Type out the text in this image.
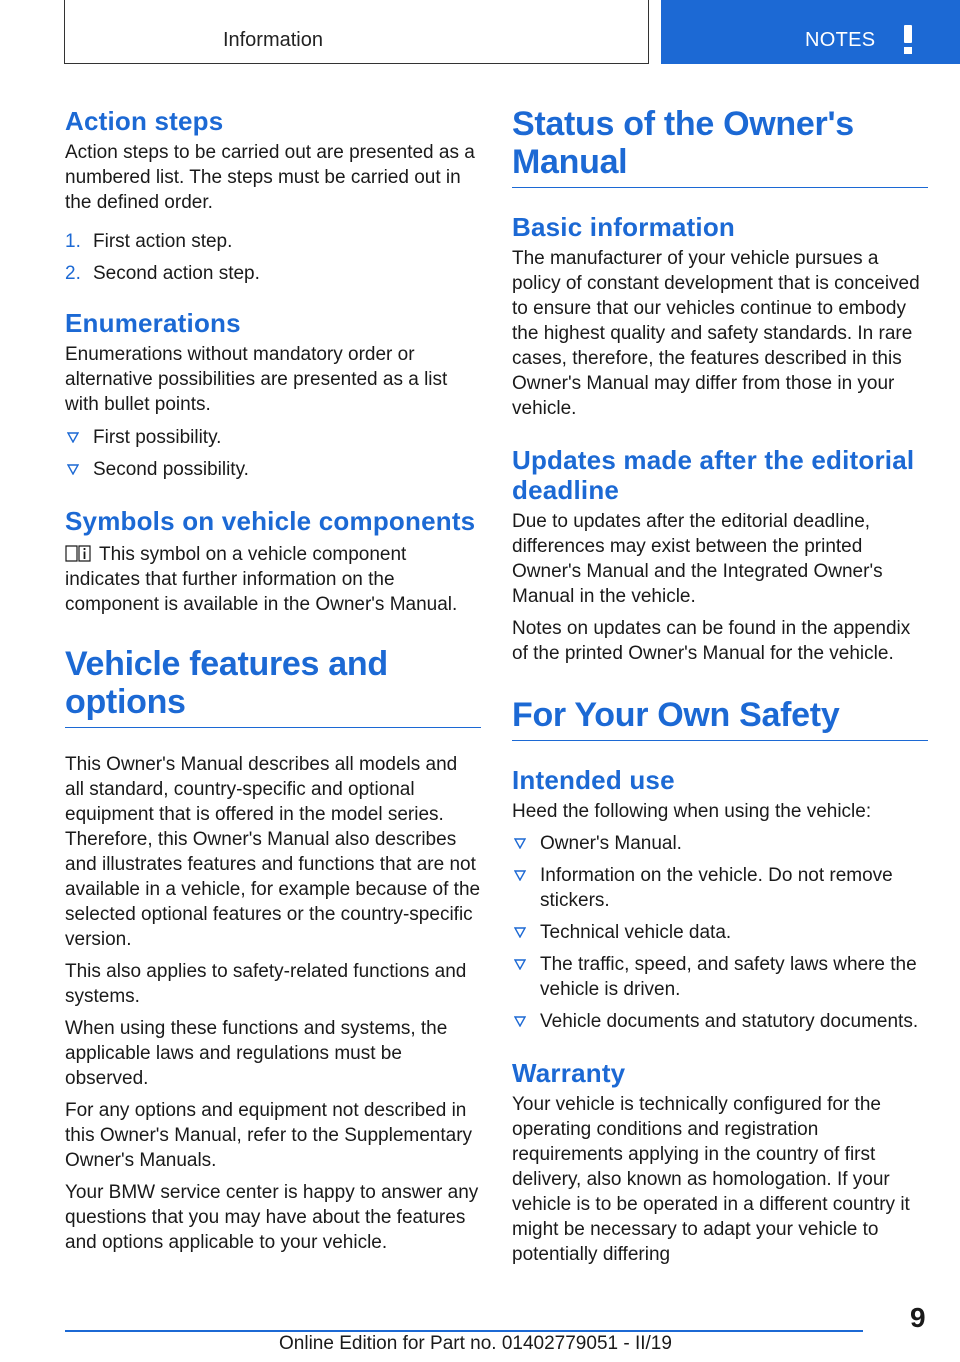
Information	NOTES
Action steps

Action steps to be carried out are presented as a numbered list. The steps must be carried out in the defined order.

1. First action step.
2. Second action step.
Enumerations

Enumerations without mandatory order or alternative possibilities are presented as a list with bullet points.

First possibility.
Second possibility.
Symbols on vehicle components

This symbol on a vehicle component indicates that further information on the component is available in the Owner's Manual.

Vehicle features and options

This Owner's Manual describes all models and all standard, country-specific and optional equipment that is offered in the model series. Therefore, this Owner's Manual also describes and illustrates features and functions that are not available in a vehicle, for example because of the selected optional features or the country-specific version.

This also applies to safety-related functions and systems.

When using these functions and systems, the applicable laws and regulations must be observed.

For any options and equipment not described in this Owner's Manual, refer to the Supplementary Owner's Manuals.

Your BMW service center is happy to answer any questions that you may have about the features and options applicable to your vehicle.

Status of the Owner's Manual
Basic information

The manufacturer of your vehicle pursues a policy of constant development that is conceived to ensure that our vehicles continue to embody the highest quality and safety standards. In rare cases, therefore, the features described in this Owner's Manual may differ from those in your vehicle.

Updates made after the editorial deadline

Due to updates after the editorial deadline, differences may exist between the printed Owner's Manual and the Integrated Owner's Manual in the vehicle.

Notes on updates can be found in the appendix of the printed Owner's Manual for the vehicle.

For Your Own Safety
Intended use

Heed the following when using the vehicle:

Owner's Manual.
Information on the vehicle. Do not remove stickers.
Technical vehicle data.
The traffic, speed, and safety laws where the vehicle is driven.
Vehicle documents and statutory documents.
Warranty

Your vehicle is technically configured for the operating conditions and registration requirements applying in the country of first delivery, also known as homologation. If your vehicle is to be operated in a different country it might be necessary to adapt your vehicle to potentially differing

9
Online Edition for Part no. 01402779051 - II/19
